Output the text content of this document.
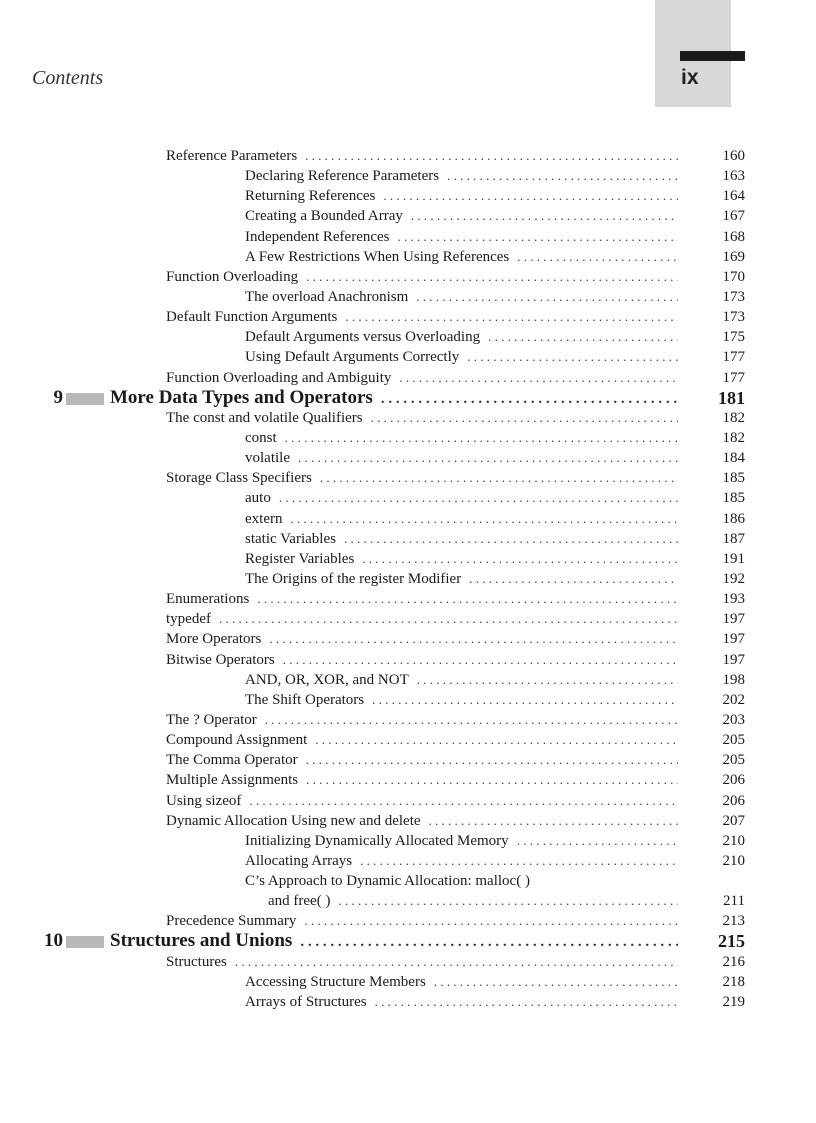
ix
Contents
Reference Parameters . . .	160
Declaring Reference Parameters . . .	163
Returning References . . .	164
Creating a Bounded Array . . .	167
Independent References . . .	168
A Few Restrictions When Using References . . .	169
Function Overloading . . .	170
The overload Anachronism . . .	173
Default Function Arguments . . .	173
Default Arguments versus Overloading . . .	175
Using Default Arguments Correctly . . .	177
Function Overloading and Ambiguity . . .	177
9 More Data Types and Operators . . .	181
The const and volatile Qualifiers . . .	182
const . . .	182
volatile . . .	184
Storage Class Specifiers . . .	185
auto . . .	185
extern . . .	186
static Variables . . .	187
Register Variables . . .	191
The Origins of the register Modifier . . .	192
Enumerations . . .	193
typedef . . .	197
More Operators . . .	197
Bitwise Operators . . .	197
AND, OR, XOR, and NOT . . .	198
The Shift Operators . . .	202
The ? Operator . . .	203
Compound Assignment . . .	205
The Comma Operator . . .	205
Multiple Assignments . . .	206
Using sizeof . . .	206
Dynamic Allocation Using new and delete . . .	207
Initializing Dynamically Allocated Memory . . .	210
Allocating Arrays . . .	210
C’s Approach to Dynamic Allocation: malloc( )
and free( ) . . .	211
Precedence Summary . . .	213
10 Structures and Unions . . .	215
Structures . . .	216
Accessing Structure Members . . .	218
Arrays of Structures . . .	219
